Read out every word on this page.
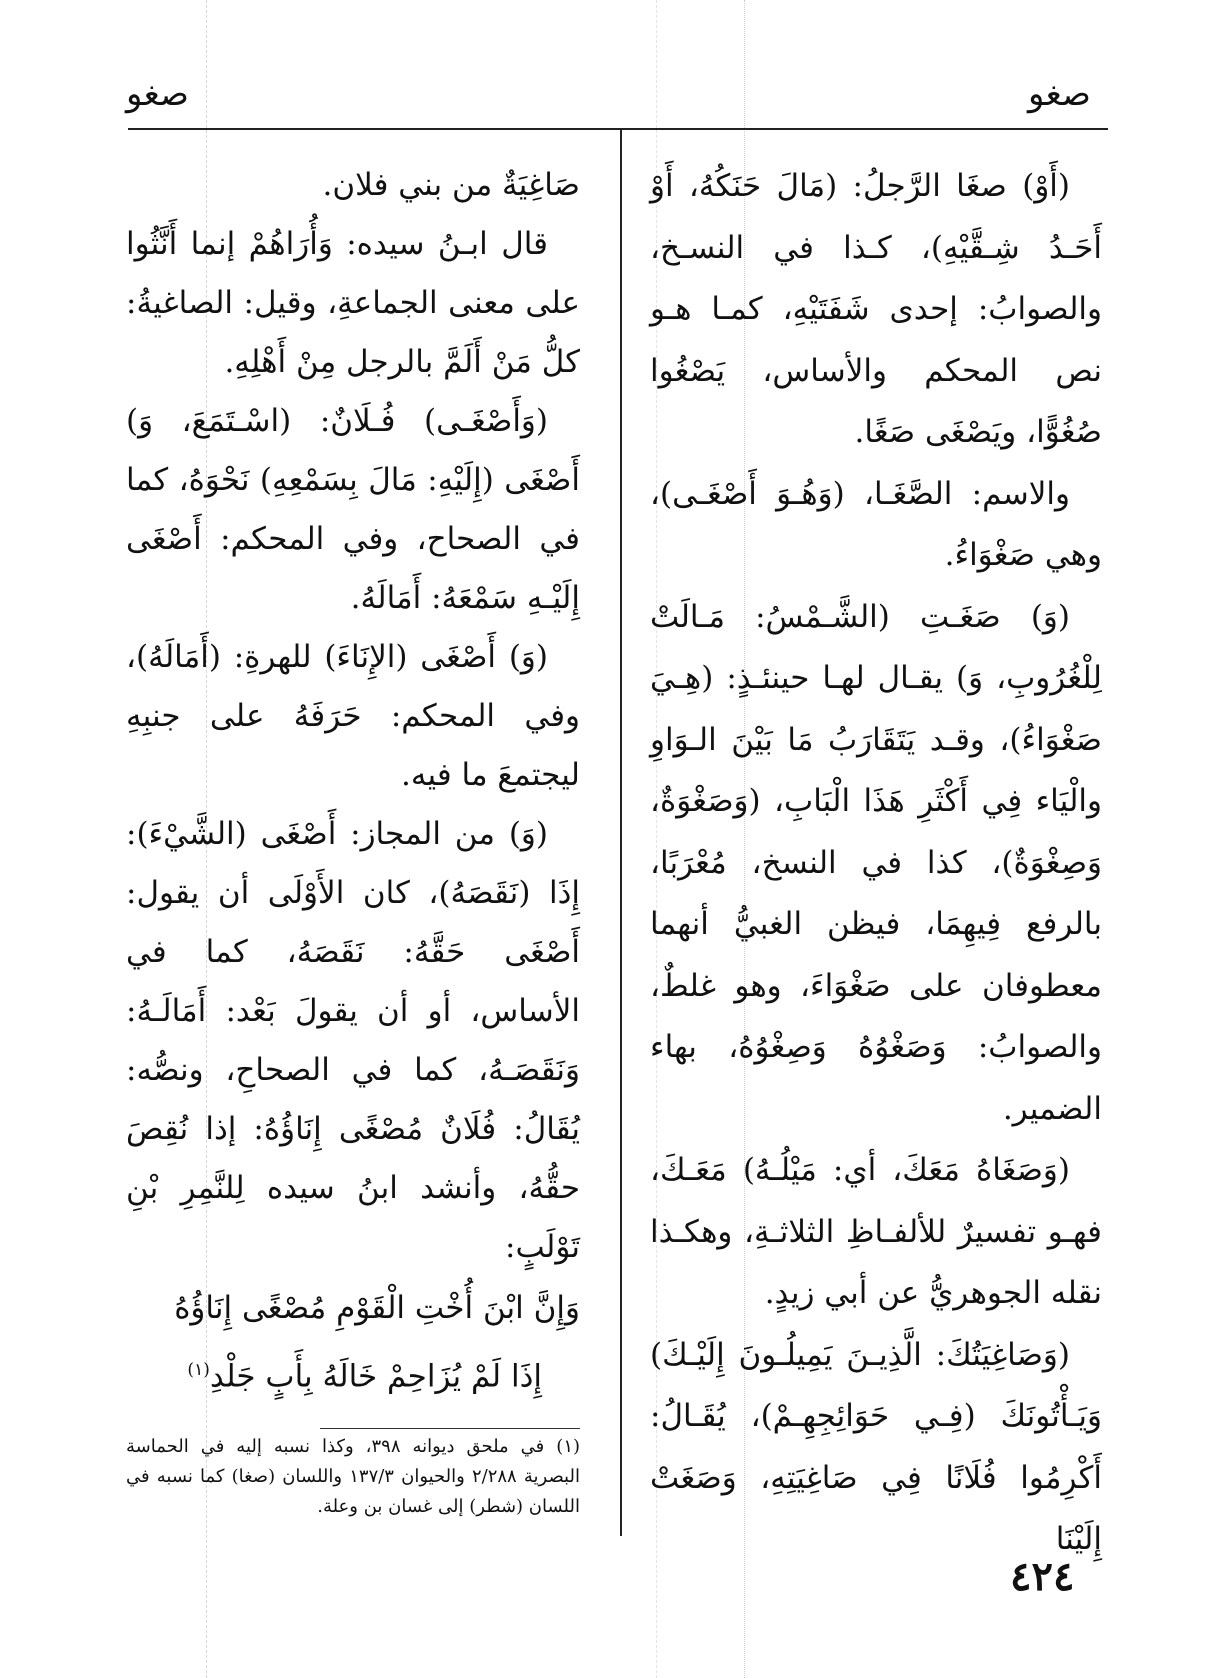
صغو	صغو

(أَوْ) صغَا الرَّجلُ: (مَالَ حَنَكُهُ، أَوْ أَحَـدُ شِـقَّيْهِ)، كـذا في النسـخ، والصوابُ: إحدى شَفَتَيْهِ، كمـا هـو نص المحكم والأساس، يَصْغُوا صُغُوًّا، ويَصْغَى صَغًا.

والاسم: الصَّغَـا، (وَهُـوَ أَصْغَـى)، وهي صَغْوَاءُ.

(وَ) صَغَـتِ (الشَّـمْسُ: مَـالَتْ لِلْغُرُوبِ، وَ) يقـال لهـا حينئـذٍ: (هِـيَ صَغْوَاءُ)، وقـد يَتَقَارَبُ مَا بَيْنَ الـوَاوِ والْيَاء فِي أَكْثَرِ هَذَا الْبَابِ، (وَصَغْوَةٌ، وَصِغْوَةٌ)، كذا في النسخ، مُعْرَبًا، بالرفع فِيهِمَا، فيظن الغبيُّ أنهما معطوفان على صَغْوَاءَ، وهو غلطٌ، والصوابُ: وَصَغْوُهُ وَصِغْوُهُ، بهاء الضمير.

(وَصَغَاهُ مَعَكَ، أي: مَيْلُـهُ) مَعَـكَ، فهـو تفسيرٌ للألفـاظِ الثلاثـةِ، وهكـذا نقله الجوهريُّ عن أبي زيدٍ.

(وَصَاغِيَتُكَ: الَّذِيـنَ يَمِيلُـونَ إِلَيْـكَ) وَيَـأْتُونَكَ (فِـي حَوَائِجِهِـمْ)، يُقَـالُ: أَكْرِمُوا فُلَانًا فِي صَاغِيَتِهِ، وَصَغَتْ إِلَيْنَا

صَاغِيَةٌ من بني فلان.

قال ابـنُ سيده: وَأُرَاهُمْ إنما أَنَّثُوا على معنى الجماعةِ، وقيل: الصاغيةُ: كلُّ مَنْ أَلَمَّ بالرجل مِنْ أَهْلِهِ.

(وَأَصْغَـى) فُـلَانٌ: (اسْـتَمَعَ، وَ) أَصْغَى (إِلَيْهِ: مَالَ بِسَمْعِهِ) نَحْوَهُ، كما في الصحاح، وفي المحكم: أَصْغَى إِلَيْـهِ سَمْعَهُ: أَمَالَهُ.

(وَ) أَصْغَى (الإِنَاءَ) للهرةِ: (أَمَالَهُ)، وفي المحكم: حَرَفَهُ على جنبِهِ ليجتمعَ ما فيه.

(وَ) من المجاز: أَصْغَى (الشَّيْءَ): إِذَا (نَقَصَهُ)، كان الأَوْلَى أن يقول: أَصْغَى حَقَّهُ: نَقَصَهُ، كما في الأساس، أو أن يقولَ بَعْد: أَمَالَـهُ: وَنَقَصَـهُ، كما في الصحاحِ، ونصُّه: يُقَالُ: فُلَانٌ مُصْغًى إِنَاؤُهُ: إذا نُقِصَ حقُّهُ، وأنشد ابنُ سيده لِلنَّمِرِ بْنِ تَوْلَبٍ:

وَإِنَّ ابْنَ أُخْتِ الْقَوْمِ مُصْغًى إِنَاؤُهُ

إِذَا لَمْ يُزَاحِمْ خَالَهُ بِأَبٍ جَلْدِ$^{(١)}$

(١) في ملحق ديوانه ٣٩٨، وكذا نسبه إليه في الحماسة البصرية ٢/٢٨٨ والحيوان ١٣٧/٣ واللسان (صغا) كما نسبه في اللسان (شطر) إلى غسان بن وعلة.
٤٢٤
